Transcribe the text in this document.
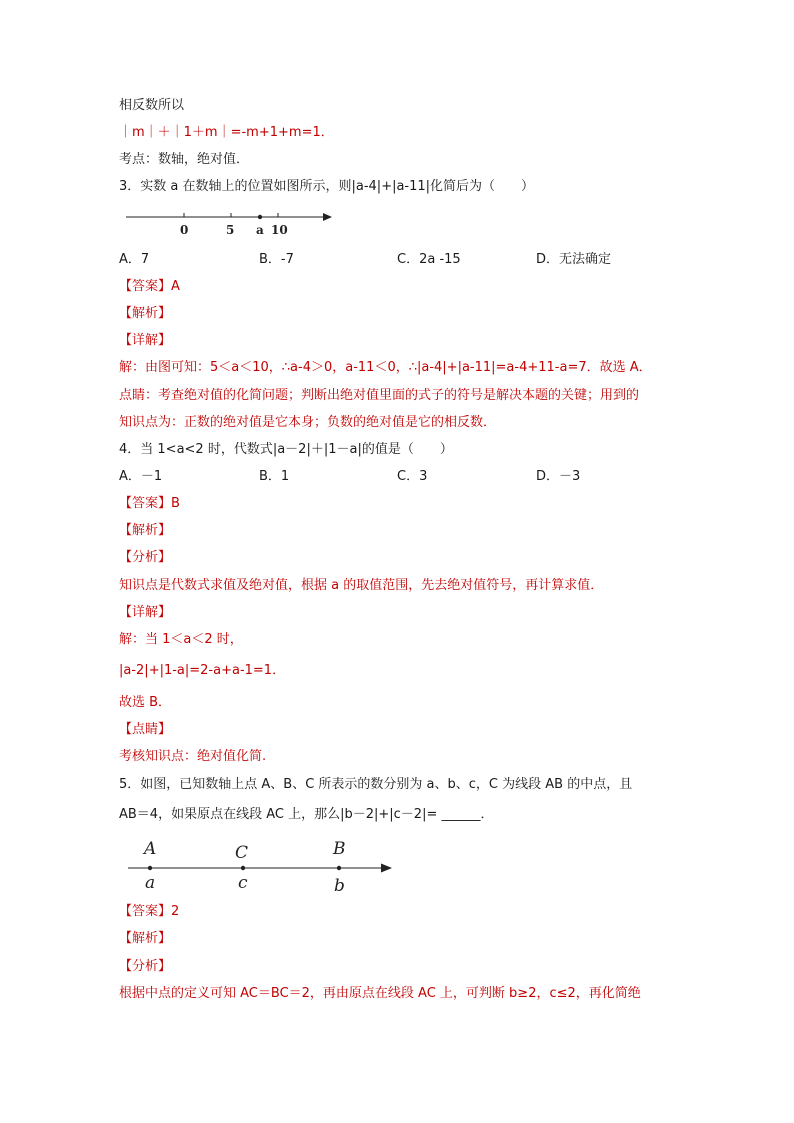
相反数所以
｜m｜＋｜1＋m｜=-m+1+m=1．
考点：数轴，绝对值．
3．实数 a 在数轴上的位置如图所示，则|a-4|+|a-11|化简后为（　　）
0	5 a 10
A．7	B．-7	C．2a -15	D．无法确定
【答案】A
【解析】
【详解】
解：由图可知：5＜a＜10，∴a-4＞0，a-11＜0，∴|a-4|+|a-11|=a-4+11-a=7．故选 A．
点睛：考查绝对值的化简问题；判断出绝对值里面的式子的符号是解决本题的关键；用到的
知识点为：正数的绝对值是它本身；负数的绝对值是它的相反数．
4．当 1<a<2 时，代数式|a－2|＋|1－a|的值是（　　）
A．－1	B．1	C．3	D．－3
【答案】B
【解析】
【分析】
知识点是代数式求值及绝对值，根据 a 的取值范围，先去绝对值符号，再计算求值．
【详解】
解：当 1＜a＜2 时，
|a-2|+|1-a|=2-a+a-1=1．
故选 B．
【点睛】
考核知识点：绝对值化简.
5．如图，已知数轴上点 A、B、C 所表示的数分别为 a、b、c，C 为线段 AB 的中点，且
AB＝4，如果原点在线段 AC 上，那么|b－2|+|c－2|= ______．
A	C	B
a	c	b
【答案】2
【解析】
【分析】
根据中点的定义可知 AC＝BC＝2，再由原点在线段 AC 上，可判断 b≥2，c≤2，再化简绝
